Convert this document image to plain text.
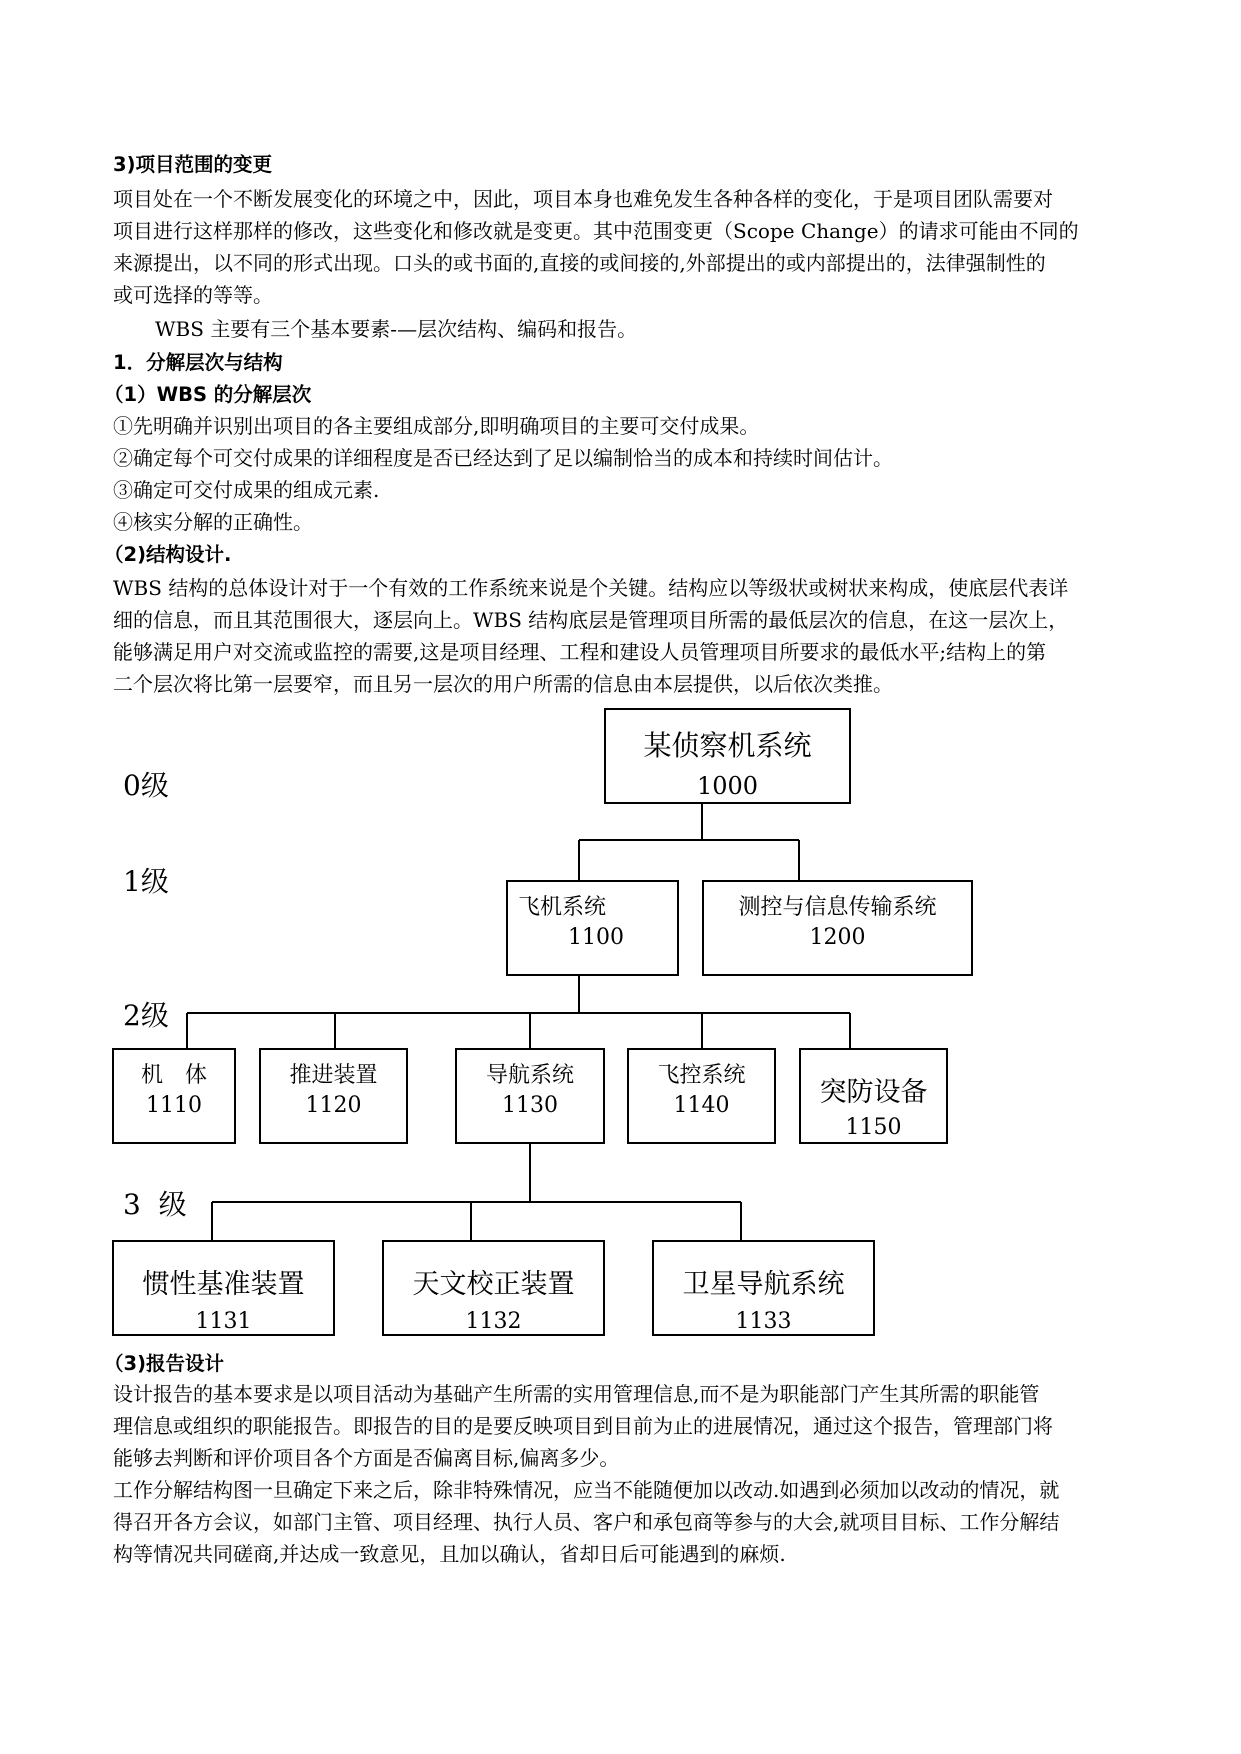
3)项目范围的变更
项目处在一个不断发展变化的环境之中，因此，项目本身也难免发生各种各样的变化，于是项目团队需要对
项目进行这样那样的修改，这些变化和修改就是变更。其中范围变更（Scope Change）的请求可能由不同的
来源提出，以不同的形式出现。口头的或书面的,直接的或间接的,外部提出的或内部提出的，法律强制性的
或可选择的等等。
WBS 主要有三个基本要素-—层次结构、编码和报告。
1．分解层次与结构
（1）WBS 的分解层次
①先明确并识别出项目的各主要组成部分,即明确项目的主要可交付成果。
②确定每个可交付成果的详细程度是否已经达到了足以编制恰当的成本和持续时间估计。
③确定可交付成果的组成元素.
④核实分解的正确性。
（2)结构设计.
WBS 结构的总体设计对于一个有效的工作系统来说是个关键。结构应以等级状或树状来构成，使底层代表详
细的信息，而且其范围很大，逐层向上。WBS 结构底层是管理项目所需的最低层次的信息，在这一层次上，
能够满足用户对交流或监控的需要,这是项目经理、工程和建设人员管理项目所要求的最低水平;结构上的第
二个层次将比第一层要窄，而且另一层次的用户所需的信息由本层提供，以后依次类推。
0级
1级
2级
3  级
某侦察机系统
1000
飞机系统
1100
测控与信息传输系统
1200
机　体
1110
推进装置
1120
导航系统
1130
飞控系统
1140	突防设备
1150
惯性基准装置
1131
天文校正装置
1132
卫星导航系统
1133
（3)报告设计
设计报告的基本要求是以项目活动为基础产生所需的实用管理信息,而不是为职能部门产生其所需的职能管
理信息或组织的职能报告。即报告的目的是要反映项目到目前为止的进展情况，通过这个报告，管理部门将
能够去判断和评价项目各个方面是否偏离目标,偏离多少。
工作分解结构图一旦确定下来之后，除非特殊情况，应当不能随便加以改动.如遇到必须加以改动的情况，就
得召开各方会议，如部门主管、项目经理、执行人员、客户和承包商等参与的大会,就项目目标、工作分解结
构等情况共同磋商,并达成一致意见，且加以确认，省却日后可能遇到的麻烦.
